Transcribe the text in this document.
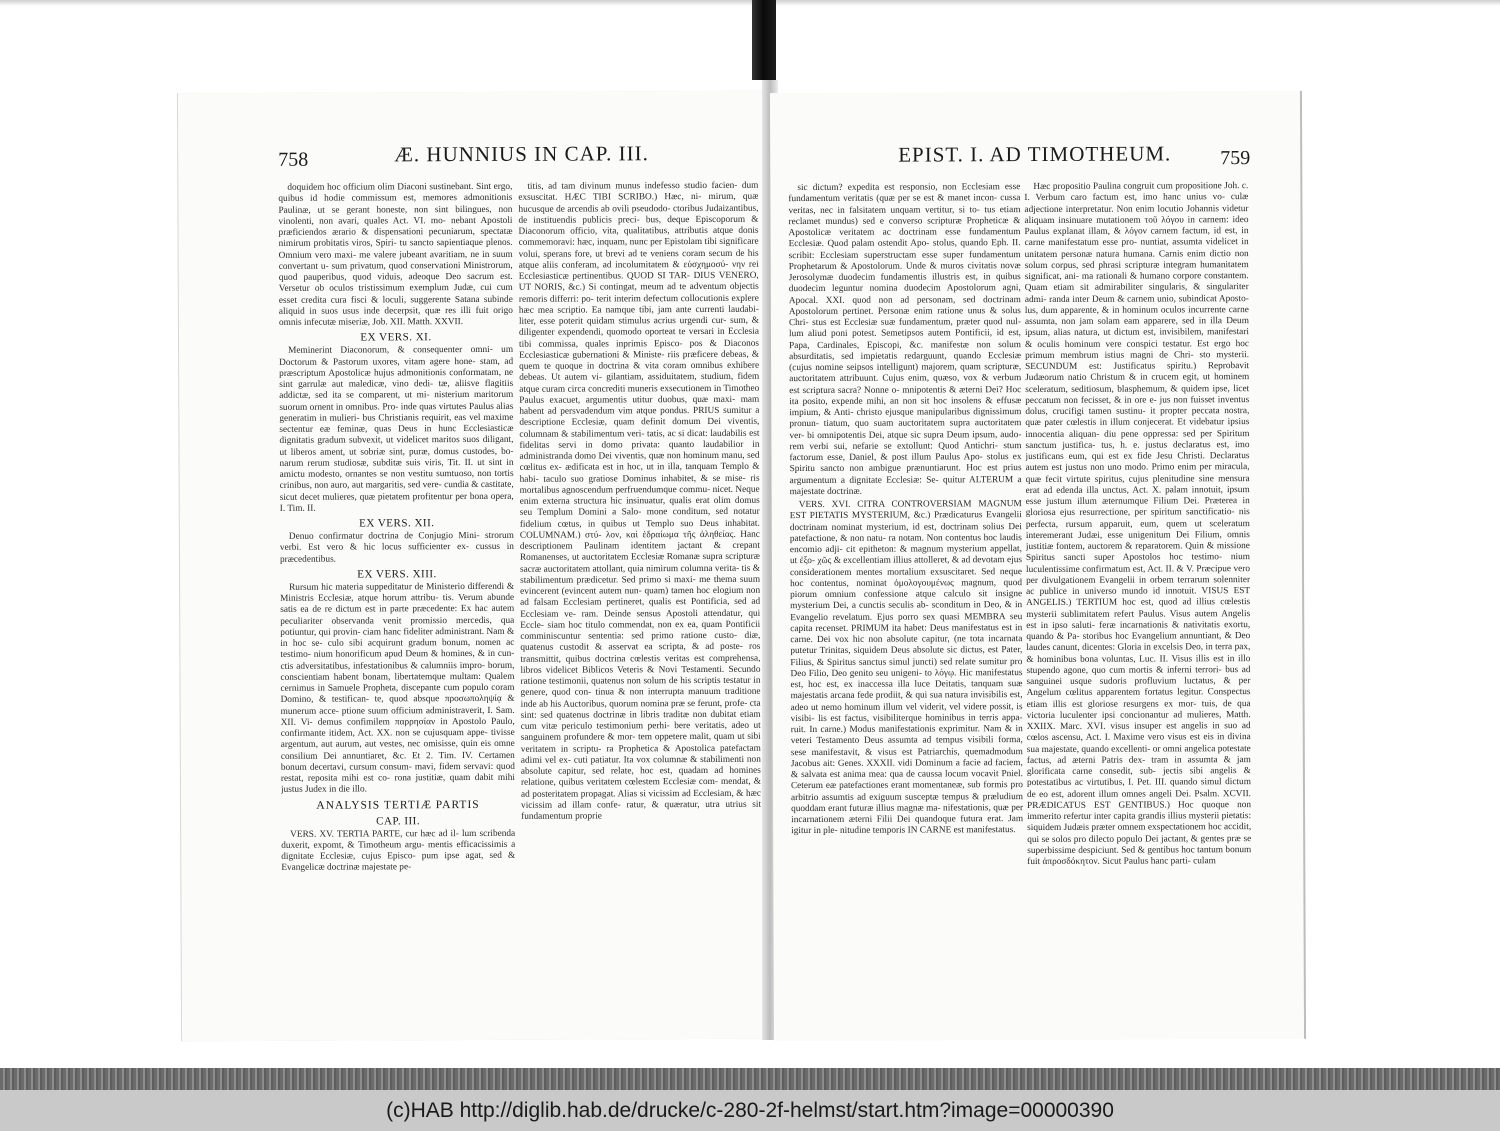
758	Æ. HUNNIUS IN CAP. III.

doquidem hoc officium olim Diaconi sustinebant. Sint ergo, quibus id hodie commissum est, memores admonitionis Paulinæ, ut se gerant honeste, non sint bilingues, non vinolenti, non avari, quales Act. VI. mo- nebant Apostoli præficiendos ærario & dispensationi pecuniarum, spectatæ nimirum probitatis viros, Spiri- tu sancto sapientiaque plenos. Omnium vero maxi- me valere jubeant avaritiam, ne in suum convertant u- sum privatum, quod conservationi Ministrorum, quod pauperibus, quod viduis, adeoque Deo sacrum est. Versetur ob oculos tristissimum exemplum Judæ, cui cum esset credita cura fisci & loculi, suggerente Satana subinde aliquid in suos usus inde decerpsit, quæ res illi fuit origo omnis infecutæ miseriæ, Job. XII. Matth. XXVII.

EX VERS. XI.

Meminerint Diaconorum, & consequenter omni- um Doctorum & Pastorum uxores, vitam agere hone- stam, ad præscriptum Apostolicæ hujus admonitionis conformatam, ne sint garrulæ aut maledicæ, vino dedi- tæ, aliisve flagitiis addictæ, sed ita se comparent, ut mi- nisterium maritorum suorum ornent in omnibus. Pro- inde quas virtutes Paulus alias generatim in mulieri- bus Christianis requirit, eas vel maxime sectentur eæ feminæ, quas Deus in hunc Ecclesiasticæ dignitatis gradum subvexit, ut videlicet maritos suos diligant, ut liberos ament, ut sobriæ sint, puræ, domus custodes, bo- narum rerum studiosæ, subditæ suis viris, Tit. II. ut sint in amictu modesto, ornantes se non vestitu sumtuoso, non tortis crinibus, non auro, aut margaritis, sed vere- cundia & castitate, sicut decet mulieres, quæ pietatem profitentur per bona opera, I. Tim. II.

EX VERS. XII.

Denuo confirmatur doctrina de Conjugio Mini- strorum verbi. Est vero & hic locus sufficienter ex- cussus in præcedentibus.

EX VERS. XIII.

Rursum hic materia suppeditatur de Ministerio differendi & Ministris Ecclesiæ, atque horum attribu- tis. Verum abunde satis ea de re dictum est in parte præcedente: Ex hac autem peculiariter observanda venit promissio mercedis, qua potiuntur, qui provin- ciam hanc fideliter administrant. Nam & in hoc se- culo sibi acquirunt gradum bonum, nomen ac testimo- nium honorificum apud Deum & homines, & in cun- ctis adversitatibus, infestationibus & calumniis impro- borum, conscientiam habent bonam, libertatemque multam: Qualem cernimus in Samuele Propheta, discepante cum populo coram Domino, & testifican- te, quod absque προσωποληψίᾳ & munerum acce- ptione suum officium administraverit, I. Sam. XII. Vi- demus confimilem παρρησίαν in Apostolo Paulo, confirmante itidem, Act. XX. non se cujusquam appe- tivisse argentum, aut aurum, aut vestes, nec omisisse, quin eis omne consilium Dei annuntiaret, &c. Et 2. Tim. IV. Certamen bonum decertavi, cursum consum- mavi, fidem servavi: quod restat, reposita mihi est co- rona justitiæ, quam dabit mihi justus Judex in die illo.

ANALYSIS TERTIÆ PARTIS
CAP. III.

VERS. XV. TERTIA PARTE, cur hæc ad il- lum scribenda duxerit, expomt, & Timotheum argu- mentis efficacissimis a dignitate Ecclesiæ, cujus Episco- pum ipse agat, sed & Evangelicæ doctrinæ majestate pe-

titis, ad tam divinum munus indefesso studio facien- dum exsuscitat. HÆC TIBI SCRIBO.) Hæc, ni- mirum, quæ hucusque de arcendis ab ovili pseudodo- ctoribus Judaizantibus, de instituendis publicis preci- bus, deque Episcoporum & Diaconorum officio, vita, qualitatibus, attributis atque donis commemoravi: hæc, inquam, nunc per Epistolam tibi significare volui, sperans fore, ut brevi ad te veniens coram secum de his atque aliis conferam, ad incolumitatem & εὐσχημοσύ- νην rei Ecclesiasticæ pertinentibus. QUOD SI TAR- DIUS VENERO, UT NORIS, &c.) Si contingat, meum ad te adventum objectis remoris differri: po- terit interim defectum collocutionis explere hæc mea scriptio. Ea namque tibi, jam ante currenti laudabi- liter, esse poterit quidam stimulus acrius urgendi cur- sum, & diligenter expendendi, quomodo oporteat te versari in Ecclesia tibi commissa, quales inprimis Episco- pos & Diaconos Ecclesiasticæ gubernationi & Ministe- riis præficere debeas, & quem te quoque in doctrina & vita coram omnibus exhibere debeas. Ut autem vi- gilantiam, assiduitatem, studium, fidem atque curam circa concrediti muneris exsecutionem in Timotheo Paulus exacuet, argumentis utitur duobus, quæ maxi- mam habent ad persvadendum vim atque pondus. PRIUS sumitur a descriptione Ecclesiæ, quam definit domum Dei viventis, columnam & stabilimentum veri- tatis, ac si dicat: laudabilis est fidelitas servi in domo privata: quanto laudabilior in administranda domo Dei viventis, quæ non hominum manu, sed cœlitus ex- ædificata est in hoc, ut in illa, tanquam Templo & habi- taculo suo gratiose Dominus inhabitet, & se mise- ris mortalibus agnoscendum perfruendumque commu- nicet. Neque enim externa structura hic insinuatur, qualis erat olim domus seu Templum Domini a Salo- mone conditum, sed notatur fidelium cœtus, in quibus ut Templo suo Deus inhabitat. COLUMNAM.) στύ- λον, καὶ ἑδραίωμα τῆς ἀληθείας. Hanc descriptionem Paulinam identitem jactant & crepant Romanenses, ut auctoritatem Ecclesiæ Romanæ supra scripturæ sacræ auctoritatem attollant, quia nimirum columna verita- tis & stabilimentum prædicetur. Sed primo si maxi- me thema suum evincerent (evincent autem nun- quam) tamen hoc elogium non ad falsam Ecclesiam pertineret, qualis est Pontificia, sed ad Ecclesiam ve- ram. Deinde sensus Apostoli attendatur, qui Eccle- siam hoc titulo commendat, non ex ea, quam Pontificii comminiscuntur sententia: sed primo ratione custo- diæ, quatenus custodit & asservat ea scripta, & ad poste- ros transmittit, quibus doctrina cœlestis veritas est comprehensa, libros videlicet Biblicos Veteris & Novi Testamenti. Secundo ratione testimonii, quatenus non solum de his scriptis testatur in genere, quod con- tinua & non interrupta manuum traditione inde ab his Auctoribus, quorum nomina præ se ferunt, profe- cta sint: sed quatenus doctrinæ in libris traditæ non dubitat etiam cum vitæ periculo testimonium perhi- bere veritatis, adeo ut sanguinem profundere & mor- tem oppetere malit, quam ut sibi veritatem in scriptu- ra Prophetica & Apostolica patefactam adimi vel ex- cuti patiatur. Ita vox columnæ & stabilimenti non absolute capitur, sed relate, hoc est, quadam ad homines relatione, quibus veritatem cœlestem Ecclesiæ com- mendat, & ad posteritatem propagat. Alias si vicissim ad Ecclesiam, & hæc vicissim ad illam confe- ratur, & quæratur, utra utrius sit fundamentum proprie

EPIST. I. AD TIMOTHEUM. 759

sic dictum? expedita est responsio, non Ecclesiam esse fundamentum veritatis (quæ per se est & manet incon- cussa veritas, nec in falsitatem unquam vertitur, si to- tus etiam reclamet mundus) sed e converso scripturæ Propheticæ & Apostolicæ veritatem ac doctrinam esse fundamentum Ecclesiæ. Quod palam ostendit Apo- stolus, quando Eph. II. scribit: Ecclesiam superstructam esse super fundamentum Prophetarum & Apostolorum. Unde & muros civitatis novæ Jerosolymæ duodecim fundamentis illustris est, in quibus duodecim leguntur nomina duodecim Apostolorum agni, Apocal. XXI. quod non ad personam, sed doctrinam Apostolorum pertinet. Personæ enim ratione unus & solus Chri- stus est Ecclesiæ suæ fundamentum, præter quod nul- lum aliud poni potest. Semetipsos autem Pontificii, id est, Papa, Cardinales, Episcopi, &c. manifestæ non solum absurditatis, sed impietatis redarguunt, quando Ecclesiæ (cujus nomine seipsos intelligunt) majorem, quam scripturæ, auctoritatem attribuunt. Cujus enim, quæso, vox & verbum est scriptura sacra? Nonne o- mnipotentis & æterni Dei? Hoc ita posito, expende mihi, an non sit hoc insolens & effusæ impium, & Anti- christo ejusque manipularibus dignissimum pronun- tiatum, quo suam auctoritatem supra auctoritatem ver- bi omnipotentis Dei, atque sic supra Deum ipsum, audo- rem verbi sui, nefarie se extollunt: Quod Antichri- stum factorum esse, Daniel, & post illum Paulus Apo- stolus ex Spiritu sancto non ambigue prænuntiarunt. Hoc est prius argumentum a dignitate Ecclesiæ: Se- quitur ALTERUM a majestate doctrinæ.

VERS. XVI. CITRA CONTROVERSIAM MAGNUM EST PIETATIS MYSTERIUM, &c.) Prædicaturus Evangelii doctrinam nominat mysterium, id est, doctrinam solius Dei patefactione, & non natu- ra notam. Non contentus hoc laudis encomio adji- cit epitheton: & magnum mysterium appellat, ut ἐξο- χῶς & excellentiam illius attolleret, & ad devotam ejus considerationem mentes mortalium exsuscitaret. Sed neque hoc contentus, nominat ὁμολογουμένως magnum, quod piorum omnium confessione atque calculo sit insigne mysterium Dei, a cunctis seculis ab- sconditum in Deo, & in Evangelio revelatum. Ejus porro sex quasi MEMBRA seu capita recenset. PRIMUM ita habet: Deus manifestatus est in carne. Dei vox hic non absolute capitur, (ne tota incarnata putetur Trinitas, siquidem Deus absolute sic dictus, est Pater, Filius, & Spiritus sanctus simul juncti) sed relate sumitur pro Deo Filio, Deo genito seu unigeni- to λόγῳ. Hic manifestatus est, hoc est, ex inaccessa illa luce Deitatis, tanquam suæ majestatis arcana fede prodiit, & qui sua natura invisibilis est, adeo ut nemo hominum illum vel viderit, vel videre possit, is visibi- lis est factus, visibiliterque hominibus in terris appa- ruit. In carne.) Modus manifestationis exprimitur. Nam & in veteri Testamento Deus assumta ad tempus visibili forma, sese manifestavit, & visus est Patriarchis, quemadmodum Jacobus ait: Genes. XXXII. vidi Dominum a facie ad faciem, & salvata est anima mea: qua de caussa locum vocavit Pniel. Ceterum eæ patefactiones erant momentaneæ, sub formis pro arbitrio assumtis ad exiguum susceptæ tempus & præludium quoddam erant futuræ illius magnæ ma- nifestationis, quæ per incarnationem æterni Filii Dei quandoque futura erat. Jam igitur in ple- nitudine temporis IN CARNE est manifestatus.

Hæc propositio Paulina congruit cum propositione Joh. c. I. Verbum caro factum est, imo hanc unius vo- culæ adjectione interpretatur. Non enim locutio Johannis videtur aliquam insinuare mutationem τοῦ λόγου in carnem: ideo Paulus explanat illam, & λόγον carnem factum, id est, in carne manifestatum esse pro- nuntiat, assumta videlicet in unitatem personæ natura humana. Carnis enim dictio non solum corpus, sed phrasi scripturæ integram humanitatem significat, ani- ma rationali & humano corpore constantem. Quam etiam sit admirabiliter singularis, & singulariter admi- randa inter Deum & carnem unio, subindicat Aposto- lus, dum apparente, & in hominum oculos incurrente carne assumta, non jam solam eam apparere, sed in illa Deum ipsum, alias natura, ut dictum est, invisibilem, manifestari & oculis hominum vere conspici testatur. Est ergo hoc primum membrum istius magni de Chri- sto mysterii. SECUNDUM est: Justificatus spiritu.) Reprobavit Judæorum natio Christum & in crucem egit, ut hominem sceleratum, seditiosum, blasphemum, & quidem ipse, licet peccatum non fecisset, & in ore e- jus non fuisset inventus dolus, crucifigi tamen sustinu- it propter peccata nostra, quæ pater cœlestis in illum conjecerat. Et videbatur ipsius innocentia aliquan- diu pene oppressa: sed per Spiritum sanctum justifica- tus, h. e. justus declaratus est, imo justificans eum, qui est ex fide Jesu Christi. Declaratus autem est justus non uno modo. Primo enim per miracula, quæ fecit virtute spiritus, cujus plenitudine sine mensura erat ad edenda illa unctus, Act. X. palam innotuit, ipsum esse justum illum æternumque Filium Dei. Præterea in gloriosa ejus resurrectione, per spiritum sanctificatio- nis perfecta, rursum apparuit, eum, quem ut sceleratum interemerant Judæi, esse unigenitum Dei Filium, omnis justitiæ fontem, auctorem & reparatorem. Quin & missione Spiritus sancti super Apostolos hoc testimo- nium luculentissime confirmatum est, Act. II. & V. Præcipue vero per divulgationem Evangelii in orbem terrarum solenniter ac publice in universo mundo id innotuit. VISUS EST ANGELIS.) TERTIUM hoc est, quod ad illius cœlestis mysterii sublimitatem refert Paulus. Visus autem Angelis est in ipso saluti- feræ incarnationis & nativitatis exortu, quando & Pa- storibus hoc Evangelium annuntiant, & Deo laudes canunt, dicentes: Gloria in excelsis Deo, in terra pax, & hominibus bona voluntas, Luc. II. Visus illis est in illo stupendo agone, quo cum mortis & inferni terrori- bus ad sanguinei usque sudoris profluvium luctatus, & per Angelum cœlitus apparentem fortatus legitur. Conspectus etiam illis est gloriose resurgens ex mor- tuis, de qua victoria luculenter ipsi concionantur ad mulieres, Matth. XXIIX. Marc. XVI. visus insuper est angelis in suo ad cœlos ascensu, Act. I. Maxime vero visus est eis in divina sua majestate, quando excellenti- or omni angelica potestate factus, ad æterni Patris dex- tram in assumta & jam glorificata carne consedit, sub- jectis sibi angelis & potestatibus ac virtutibus, I. Pet. III. quando simul dictum de eo est, adorent illum omnes angeli Dei. Psalm. XCVII. PRÆDICATUS EST GENTIBUS.) Hoc quoque non immerito refertur inter capita grandis illius mysterii pietatis: siquidem Judæis præter omnem exspectationem hoc accidit, qui se solos pro dilecto populo Dei jactant, & gentes præ se superbissime despiciunt. Sed & gentibus hoc tantum bonum fuit ἀπροσδόκητον. Sicut Paulus hanc parti- culam

(c)HAB http://diglib.hab.de/drucke/c-280-2f-helmst/start.htm?image=00000390
